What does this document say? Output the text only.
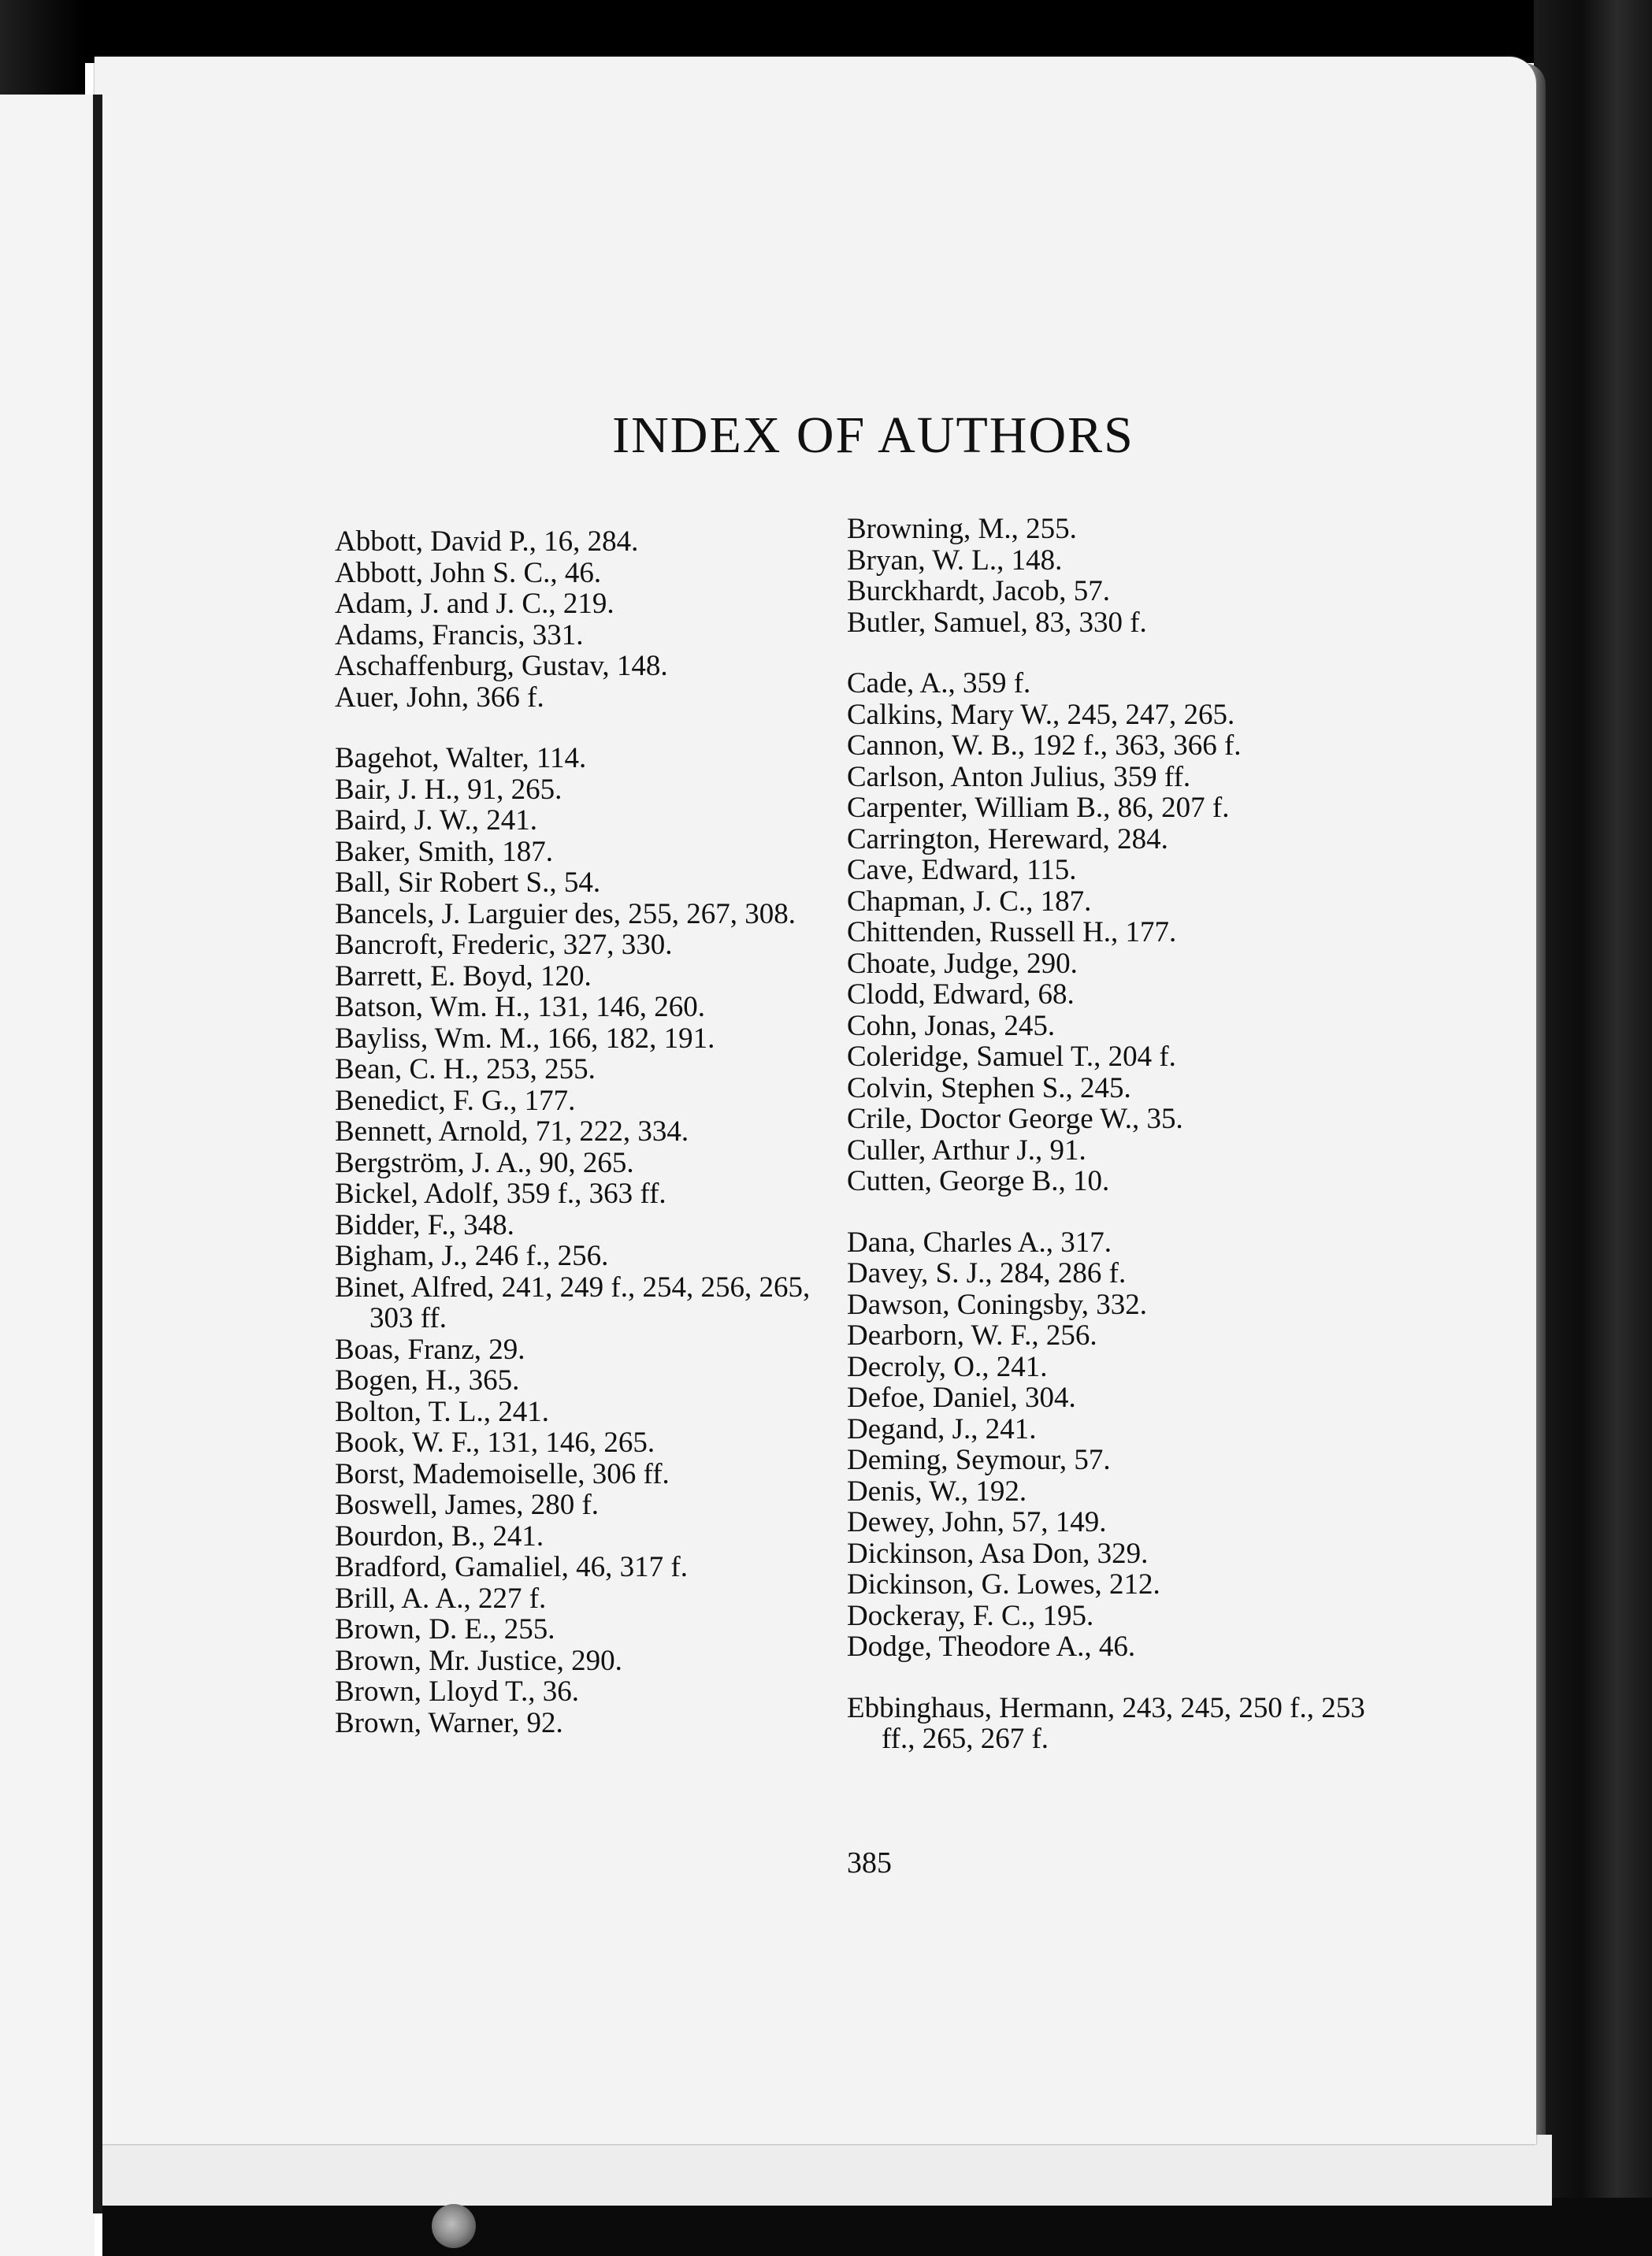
INDEX OF AUTHORS
Abbott, David P., 16, 284.
Abbott, John S. C., 46.
Adam, J. and J. C., 219.
Adams, Francis, 331.
Aschaffenburg, Gustav, 148.
Auer, John, 366 f.
Bagehot, Walter, 114.
Bair, J. H., 91, 265.
Baird, J. W., 241.
Baker, Smith, 187.
Ball, Sir Robert S., 54.
Bancels, J. Larguier des, 255, 267, 308.
Bancroft, Frederic, 327, 330.
Barrett, E. Boyd, 120.
Batson, Wm. H., 131, 146, 260.
Bayliss, Wm. M., 166, 182, 191.
Bean, C. H., 253, 255.
Benedict, F. G., 177.
Bennett, Arnold, 71, 222, 334.
Bergström, J. A., 90, 265.
Bickel, Adolf, 359 f., 363 ff.
Bidder, F., 348.
Bigham, J., 246 f., 256.
Binet, Alfred, 241, 249 f., 254, 256, 265, 303 ff.
Boas, Franz, 29.
Bogen, H., 365.
Bolton, T. L., 241.
Book, W. F., 131, 146, 265.
Borst, Mademoiselle, 306 ff.
Boswell, James, 280 f.
Bourdon, B., 241.
Bradford, Gamaliel, 46, 317 f.
Brill, A. A., 227 f.
Brown, D. E., 255.
Brown, Mr. Justice, 290.
Brown, Lloyd T., 36.
Brown, Warner, 92.
Browning, M., 255.
Bryan, W. L., 148.
Burckhardt, Jacob, 57.
Butler, Samuel, 83, 330 f.
Cade, A., 359 f.
Calkins, Mary W., 245, 247, 265.
Cannon, W. B., 192 f., 363, 366 f.
Carlson, Anton Julius, 359 ff.
Carpenter, William B., 86, 207 f.
Carrington, Hereward, 284.
Cave, Edward, 115.
Chapman, J. C., 187.
Chittenden, Russell H., 177.
Choate, Judge, 290.
Clodd, Edward, 68.
Cohn, Jonas, 245.
Coleridge, Samuel T., 204 f.
Colvin, Stephen S., 245.
Crile, Doctor George W., 35.
Culler, Arthur J., 91.
Cutten, George B., 10.
Dana, Charles A., 317.
Davey, S. J., 284, 286 f.
Dawson, Coningsby, 332.
Dearborn, W. F., 256.
Decroly, O., 241.
Defoe, Daniel, 304.
Degand, J., 241.
Deming, Seymour, 57.
Denis, W., 192.
Dewey, John, 57, 149.
Dickinson, Asa Don, 329.
Dickinson, G. Lowes, 212.
Dockeray, F. C., 195.
Dodge, Theodore A., 46.
Ebbinghaus, Hermann, 243, 245, 250 f., 253 ff., 265, 267 f.
385
